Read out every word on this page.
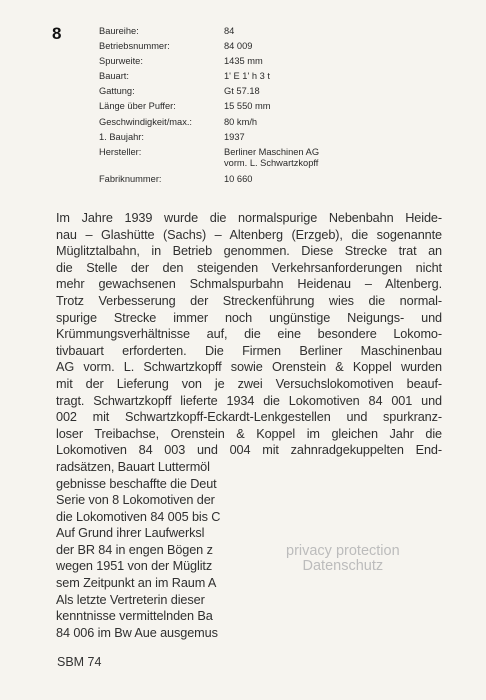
8	Baureihe:	84
Betriebsnummer:	84 009
Spurweite:	1435 mm
Bauart:	1' E 1' h 3 t
Gattung:	Gt 57.18
Länge über Puffer:	15 550 mm
Geschwindigkeit/max.:	80 km/h
1. Baujahr:	1937
Hersteller:	Berliner Maschinen AG
vorm. L. Schwartzkopff
Fabriknummer:	10 660
Im Jahre 1939 wurde die normalspurige Nebenbahn Heide-
nau – Glashütte (Sachs) – Altenberg (Erzgeb), die sogenannte
Müglitztalbahn, in Betrieb genommen. Diese Strecke trat an
die Stelle der den steigenden Verkehrsanforderungen nicht
mehr gewachsenen Schmalspurbahn Heidenau – Altenberg.
Trotz Verbesserung der Streckenführung wies die normal-
spurige Strecke immer noch ungünstige Neigungs- und
Krümmungsverhältnisse auf, die eine besondere Lokomo-
tivbauart erforderten. Die Firmen Berliner Maschinenbau
AG vorm. L. Schwartzkopff sowie Orenstein & Koppel wurden
mit der Lieferung von je zwei Versuchslokomotiven beauf-
tragt. Schwartzkopff lieferte 1934 die Lokomotiven 84 001 und
002 mit Schwartzkopff-Eckardt-Lenkgestellen und spurkranz-
loser Treibachse, Orenstein & Koppel im gleichen Jahr die
Lokomotiven 84 003 und 004 mit zahnradgekuppelten End-
radsätzen, Bauart Luttermöl
gebnisse beschaffte die Deut
Serie von 8 Lokomotiven der
die Lokomotiven 84 005 bis C
Auf Grund ihrer Laufwerksl
der BR 84 in engen Bögen z
wegen 1951 von der Müglitz
sem Zeitpunkt an im Raum A
Als letzte Vertreterin dieser
kenntnisse vermittelnden Ba
84 006 im Bw Aue ausgemus
privacy protection
Datenschutz
SBM 74
